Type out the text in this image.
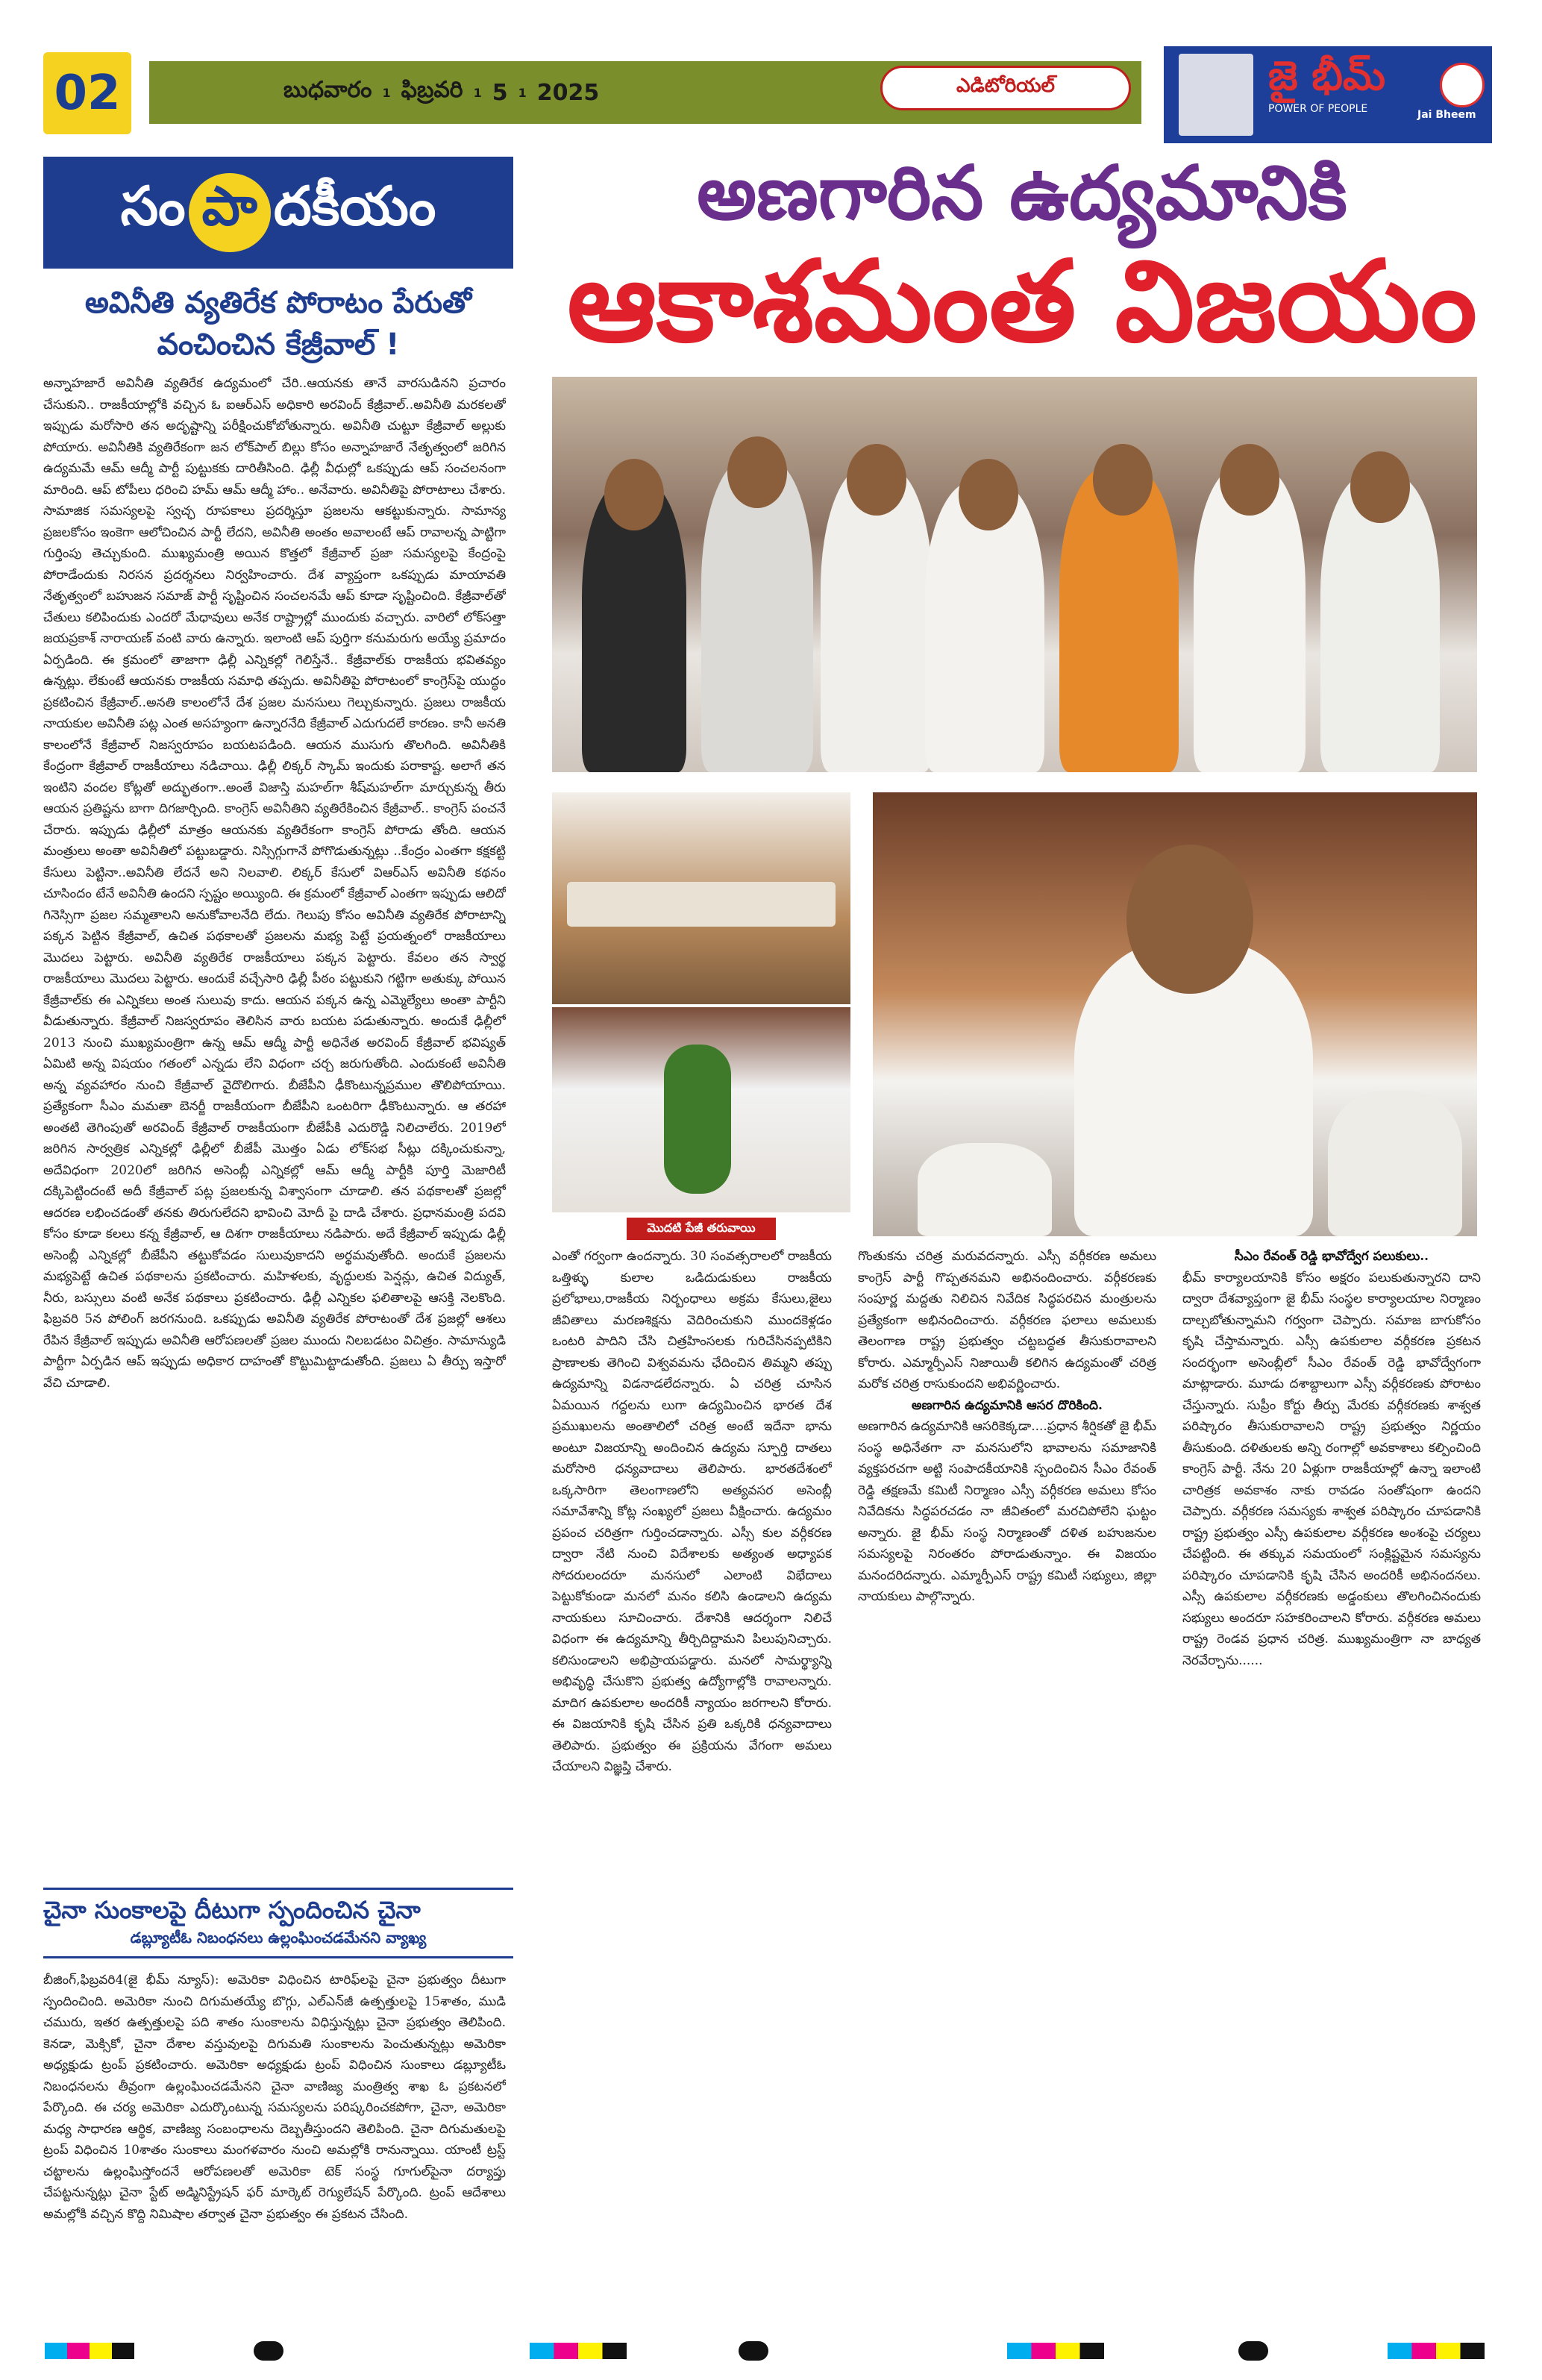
02	బుధవారం 1 ఫిబ్రవరి 1 5 1 2025	ఎడిటోరియల్	జై భీమ్
POWER OF PEOPLE	Jai Bheem
సం పా దకీయం
అవినీతి వ్యతిరేక పోరాటం పేరుతో వంచించిన కేజ్రీవాల్ !
అన్నాహజారే అవినీతి వ్యతిరేక ఉద్యమంలో చేరి..ఆయనకు తానే వారసుడినని ప్రచారం చేసుకుని.. రాజకీయాల్లోకి వచ్చిన ఓ ఐఆర్ఎస్ అధికారి అరవింద్ కేజ్రీవాల్..అవినీతి మరకలతో ఇప్పుడు మరోసారి తన అదృష్టాన్ని పరీక్షించుకోబోతున్నారు. అవినీతి చుట్టూ కేజ్రీవాల్ అల్లుకు పోయారు. అవినీతికి వ్యతిరేకంగా జన లోక్‌పాల్ బిల్లు కోసం అన్నాహజారే నేతృత్వంలో జరిగిన ఉద్యమమే ఆమ్ ఆద్మీ పార్టీ పుట్టుకకు దారితీసింది. ఢిల్లీ వీధుల్లో ఒకప్పుడు ఆప్ సంచలనంగా మారింది. ఆప్ టోపీలు ధరించి హమ్ ఆమ్ ఆద్మీ హాం.. అనేవారు. అవినీతిపై పోరాటాలు చేశారు. సామాజిక సమస్యలపై స్వచ్ఛ రూపకాలు ప్రదర్శిస్తూ ప్రజలను ఆకట్టుకున్నారు. సామాన్య ప్రజలకోసం ఇంకెగా ఆలోచించిన పార్టీ లేదని, అవినీతి అంతం అవాలంటే ఆప్ రావాలన్న పాట్టిగా గుర్తింపు తెచ్చుకుంది. ముఖ్యమంత్రి అయిన కొత్తలో కేజ్రీవాల్ ప్రజా సమస్యలపై కేంద్రంపై పోరాడేందుకు నిరసన ప్రదర్శనలు నిర్వహించారు. దేశ వ్యాప్తంగా ఒకప్పుడు మాయావతి నేతృత్వంలో బహుజన సమాజ్ పార్టీ సృష్టించిన సంచలనమే ఆప్ కూడా సృష్టించింది. కేజ్రీవాల్‌తో చేతులు కలిపిందుకు ఎందరో మేధావులు అనేక రాష్ట్రాల్లో ముందుకు వచ్చారు. వారిలో లోక్‌సత్తా జయప్రకాశ్ నారాయణ్ వంటి వారు ఉన్నారు. ఇలాంటి ఆప్ పుర్తిగా కనుమరుగు అయ్యే ప్రమాదం ఏర్పడింది. ఈ క్రమంలో తాజాగా ఢిల్లీ ఎన్నికల్లో గెలిస్తేనే.. కేజ్రీవాల్‌కు రాజకీయ భవితవ్యం ఉన్నట్లు. లేకుంటే ఆయనకు రాజకీయ సమాధి తప్పదు. అవినీతిపై పోరాటంలో కాంగ్రెస్‌పై యుద్ధం ప్రకటించిన కేజ్రీవాల్..అనతి కాలంలోనే దేశ ప్రజల మనసులు గెల్చుకున్నారు. ప్రజలు రాజకీయ నాయకుల అవినీతి పట్ల ఎంత అసహ్యంగా ఉన్నారనేది కేజ్రీవాల్ ఎదుగుదలే కారణం. కానీ అనతి కాలంలోనే కేజ్రీవాల్ నిజస్వరూపం బయటపడింది. ఆయన ముసుగు తొలగింది. అవినీతికి కేంద్రంగా కేజ్రీవాల్ రాజకీయాలు నడిచాయి. ఢిల్లీ లిక్కర్ స్కామ్ ఇందుకు పరాకాష్ట. అలాగే తన ఇంటిని వందల కోట్లతో అద్భుతంగా..అంతే విజాస్తి మహల్‌గా శీష్‌మహల్‌గా మార్చుకున్న తీరు ఆయన ప్రతిష్టను బాగా దిగజార్చింది. కాంగ్రెస్ అవినీతిని వ్యతిరేకించిన కేజ్రీవాల్.. కాంగ్రెస్ పంచనే చేరారు. ఇప్పుడు ఢిల్లీలో మాత్రం ఆయనకు వ్యతిరేకంగా కాంగ్రెస్ పోరాడు తోంది. ఆయన మంత్రులు అంతా అవినీతిలో పట్టుబడ్డారు. నిస్సిగ్గుగానే పోగొడుతున్నట్లు ..కేంద్రం ఎంతగా కక్షకట్టి కేసులు పెట్టినా..అవినీతి లేదనే అని నిలవాలి. లిక్కర్ కేసులో విఆర్ఎస్ అవినీతి కథనం చూసిందం టేనే అవినీతి ఉందని స్పష్టం అయ్యింది. ఈ క్రమంలో కేజ్రీవాల్ ఎంతగా ఇప్పుడు ఆలిదో గినెస్సిగా ప్రజల సమ్మతాలని అనుకోవాలనేది లేదు. గెలుపు కోసం అవినీతి వ్యతిరేక పోరాటాన్ని పక్కన పెట్టిన కేజ్రీవాల్, ఉచిత పథకాలతో ప్రజలను మభ్య పెట్టే ప్రయత్నంలో రాజకీయాలు మొదలు పెట్టారు. అవినీతి వ్యతిరేక రాజకీయాలు పక్కన పెట్టారు. కేవలం తన స్వార్థ రాజకీయాలు మొదలు పెట్టారు. ఆందుకే వచ్చేసారి ఢిల్లీ పీఠం పట్టుకుని గట్టిగా అతుక్కు పోయిన కేజ్రీవాల్‌కు ఈ ఎన్నికలు అంత సులువు కాదు. ఆయన పక్కన ఉన్న ఎమ్మెల్యేలు అంతా పార్టీని వీడుతున్నారు. కేజ్రీవాల్ నిజస్వరూపం తెలిసిన వారు బయట పడుతున్నారు. అందుకే ఢిల్లీలో 2013 నుంచి ముఖ్యమంత్రిగా ఉన్న ఆమ్ ఆద్మీ పార్టీ అధినేత అరవింద్ కేజ్రీవాల్ భవిష్యత్ ఏమిటి అన్న విషయం గతంలో ఎన్నడు లేని విధంగా చర్చ జరుగుతోంది. ఎందుకంటే అవినీతి అన్న వ్యవహారం నుంచి కేజ్రీవాల్ వైదొలిగారు. బీజేపీని ఢీకొంటున్నప్రముల తొలిపోయాయి. ప్రత్యేకంగా సీఎం మమతా బెనర్జీ రాజకీయంగా బీజేపీని ఒంటరిగా ఢీకొంటున్నారు. ఆ తరహా అంతటి తెగింపుతో అరవింద్ కేజ్రీవాల్ రాజకీయంగా బీజేపీకి ఎదురొడ్డి నిలిచాలేరు. 2019లో జరిగిన సార్వత్రిక ఎన్నికల్లో ఢిల్లీలో బీజేపీ మొత్తం ఏడు లోక్‌సభ సీట్లు దక్కించుకున్నా, అదేవిధంగా 2020లో జరిగిన అసెంబ్లీ ఎన్నికల్లో ఆమ్ ఆద్మీ పార్టీకి పూర్తి మెజారిటీ దక్కిపెట్టిందంటే అదీ కేజ్రీవాల్ పట్ల ప్రజలకున్న విశ్వాసంగా చూడాలి. తన పథకాలతో ప్రజల్లో ఆదరణ లభించడంతో తనకు తిరుగులేదని భావించి మోదీ పై దాడి చేశారు. ప్రధానమంత్రి పదవి కోసం కూడా కలలు కన్న కేజ్రీవాల్, ఆ దిశగా రాజకీయాలు నడిపారు. అదే కేజ్రీవాల్ ఇప్పుడు ఢిల్లీ అసెంబ్లీ ఎన్నికల్లో బీజేపీని తట్టుకోవడం సులువుకాదని అర్థమవుతోంది. అందుకే ప్రజలను మభ్యపెట్టే ఉచిత పథకాలను ప్రకటించారు. మహిళలకు, వృద్ధులకు పెన్షన్లు, ఉచిత విద్యుత్, నీరు, బస్సులు వంటి అనేక పథకాలు ప్రకటించారు. ఢిల్లీ ఎన్నికల ఫలితాలపై ఆసక్తి నెలకొంది. ఫిబ్రవరి 5న పోలింగ్ జరగనుంది. ఒకప్పుడు అవినీతి వ్యతిరేక పోరాటంతో దేశ ప్రజల్లో ఆశలు రేపిన కేజ్రీవాల్ ఇప్పుడు అవినీతి ఆరోపణలతో ప్రజల ముందు నిలబడటం విచిత్రం. సామాన్యుడి పార్టీగా ఏర్పడిన ఆప్ ఇప్పుడు అధికార దాహంతో కొట్టుమిట్టాడుతోంది. ప్రజలు ఏ తీర్పు ఇస్తారో వేచి చూడాలి.
చైనా సుంకాలపై దీటుగా స్పందించిన చైనా
డబ్ల్యూటీఓ నిబంధనలు ఉల్లంఘించడమేనని వ్యాఖ్య
బీజింగ్,ఫిబ్రవరి4(జై భీమ్ న్యూస్): అమెరికా విధించిన టారిఫ్‌లపై చైనా ప్రభుత్వం దీటుగా స్పందించింది. అమెరికా నుంచి దిగుమతయ్యే బొగ్గు, ఎల్ఎన్‌జీ ఉత్పత్తులపై 15శాతం, ముడి చమురు, ఇతర ఉత్పత్తులపై పది శాతం సుంకాలను విధిస్తున్నట్లు చైనా ప్రభుత్వం తెలిపింది. కెనడా, మెక్సికో, చైనా దేశాల వస్తువులపై దిగుమతి సుంకాలను పెంచుతున్నట్లు అమెరికా అధ్యక్షుడు ట్రంప్ ప్రకటించారు. అమెరికా అధ్యక్షుడు ట్రంప్ విధించిన సుంకాలు డబ్ల్యూటీఓ నిబంధనలను తీవ్రంగా ఉల్లంఘించడమేనని చైనా వాణిజ్య మంత్రిత్వ శాఖ ఓ ప్రకటనలో పేర్కొంది. ఈ చర్య అమెరికా ఎదుర్కొంటున్న సమస్యలను పరిష్కరించకపోగా, చైనా, అమెరికా మధ్య సాధారణ ఆర్థిక, వాణిజ్య సంబంధాలను దెబ్బతీస్తుందని తెలిపింది. చైనా దిగుమతులపై ట్రంప్ విధించిన 10శాతం సుంకాలు మంగళవారం నుంచి అమల్లోకి రానున్నాయి. యాంటీ ట్రస్ట్ చట్టాలను ఉల్లంఘిస్తోందనే ఆరోపణలతో అమెరికా టెక్ సంస్థ గూగుల్‌పైనా దర్యాప్తు చేపట్టనున్నట్లు చైనా స్టేట్ అడ్మినిస్ట్రేషన్ ఫర్ మార్కెట్ రెగ్యులేషన్ పేర్కొంది. ట్రంప్ ఆదేశాలు అమల్లోకి వచ్చిన కొద్ది నిమిషాల తర్వాత చైనా ప్రభుత్వం ఈ ప్రకటన చేసింది.
అణగారిన ఉద్యమానికి
ఆకాశమంత విజయం
మొదటి పేజీ తరువాయి
ఎంతో గర్వంగా ఉందన్నారు. 30 సంవత్సరాలలో రాజకీయ ఒత్తిళ్ళు కులాల ఒడిదుడుకులు రాజకీయ ప్రలోభాలు,రాజకీయ నిర్బంధాలు అక్రమ కేసులు,జైలు జీవితాలు మరణశిక్షను వెదిరించుకుని ముందకెళ్లడం ఒంటరి పాదిని చేసి చిత్రహింసలకు గురిచేసినప్పటికిని ప్రాణాలకు తెగించి విశ్వవమను ఛేదించిన తిమ్మని తప్పు ఉద్యమాన్ని విడనాడలేదన్నారు. ఏ చరిత్ర చూసిన ఏమయిన గద్దలను లుగా ఉద్యమించిన భారత దేశ ప్రముఖులను అంతాలిలో చరిత్ర అంటే ఇదేనా భాను అంటూ విజయాన్ని అందించిన ఉద్యమ స్ఫూర్తి దాతలు మరోసారి ధన్యవాదాలు తెలిపారు. భారతదేశంలో ఒక్కసారిగా తెలంగాణలోని అత్యవసర అసెంబ్లీ సమావేశాన్ని కోట్ల సంఖ్యలో ప్రజలు వీక్షించారు. ఉద్యమం ప్రపంచ చరిత్రగా గుర్తించడాన్నారు. ఎస్సీ కుల వర్గీకరణ ద్వారా నేటి నుంచి విదేశాలకు అత్యంత అధ్యాపక సోదరులందరూ మనసులో ఎలాంటి విభేదాలు పెట్టుకోకుండా మనలో మనం కలిసి ఉండాలని ఉద్యమ నాయకులు సూచించారు. దేశానికి ఆదర్శంగా నిలిచే విధంగా ఈ ఉద్యమాన్ని తీర్చిదిద్దామని పిలుపునిచ్చారు. కలిసుండాలని అభిప్రాయపడ్డారు. మనలో సామర్థ్యాన్ని అభివృద్ధి చేసుకొని ప్రభుత్వ ఉద్యోగాల్లోకి రావాలన్నారు. మాదిగ ఉపకులాల అందరికీ న్యాయం జరగాలని కోరారు. ఈ విజయానికి కృషి చేసిన ప్రతి ఒక్కరికి ధన్యవాదాలు తెలిపారు. ప్రభుత్వం ఈ ప్రక్రియను వేగంగా అమలు చేయాలని విజ్ఞప్తి చేశారు.
గొంతుకను చరిత్ర మరువదన్నారు. ఎస్సీ వర్గీకరణ అమలు కాంగ్రెస్ పార్టీ గొప్పతనమని అభినందించారు. వర్గీకరణకు సంపూర్ణ మద్దతు నిలిచిన నివేదిక సిద్ధపరచిన మంత్రులను ప్రత్యేకంగా అభినందించారు. వర్గీకరణ ఫలాలు అమలుకు తెలంగాణ రాష్ట్ర ప్రభుత్వం చట్టబద్ధత తీసుకురావాలని కోరారు. ఎమ్మార్పీఎస్ నిజాయితీ కలిగిన ఉద్యమంతో చరిత్ర మరోక చరిత్ర రాసుకుందని అభివర్ణించారు.
అణగారిన ఉద్యమానికి ఆసర దొరికింది.
అణగారిన ఉద్యమానికి ఆసరికెక్కడా....ప్రధాన శీర్షికతో జై భీమ్ సంస్థ అధినేతగా నా మనసులోని భావాలను సమాజానికి వ్యక్తపరచగా అట్టి సంపాదకీయానికి స్పందించిన సీఎం రేవంత్ రెడ్డి తక్షణమే కమిటీ నిర్మాణం ఎస్సీ వర్గీకరణ అమలు కోసం నివేదికను సిద్ధపరచడం నా జీవితంలో మరచిపోలేని ఘట్టం అన్నారు. జై భీమ్ సంస్థ నిర్మాణంతో దళిత బహుజనుల సమస్యలపై నిరంతరం పోరాడుతున్నాం. ఈ విజయం మనందరిదన్నారు. ఎమ్మార్పీఎస్ రాష్ట్ర కమిటీ సభ్యులు, జిల్లా నాయకులు పాల్గొన్నారు.
సీఎం రేవంత్ రెడ్డి భావోద్వేగ పలుకులు..
భీమ్ కార్యాలయానికి కోసం అక్షరం పలుకుతున్నారని దాని ద్వారా దేశవ్యాప్తంగా జై భీమ్ సంస్థల కార్యాలయాల నిర్మాణం దాల్చబోతున్నామని గర్వంగా చెప్పారు. సమాజ బాగుకోసం కృషి చేస్తామన్నారు. ఎస్సీ ఉపకులాల వర్గీకరణ ప్రకటన సందర్భంగా అసెంబ్లీలో సీఎం రేవంత్ రెడ్డి భావోద్వేగంగా మాట్లాడారు. మూడు దశాబ్దాలుగా ఎస్సీ వర్గీకరణకు పోరాటం చేస్తున్నారు. సుప్రీం కోర్టు తీర్పు మేరకు వర్గీకరణకు శాశ్వత పరిష్కారం తీసుకురావాలని రాష్ట్ర ప్రభుత్వం నిర్ణయం తీసుకుంది. దళితులకు అన్ని రంగాల్లో అవకాశాలు కల్పించింది కాంగ్రెస్ పార్టీ. నేను 20 ఏళ్లుగా రాజకీయాల్లో ఉన్నా ఇలాంటి చారిత్రక అవకాశం నాకు రావడం సంతోషంగా ఉందని చెప్పారు. వర్గీకరణ సమస్యకు శాశ్వత పరిష్కారం చూపడానికి రాష్ట్ర ప్రభుత్వం ఎస్సీ ఉపకులాల వర్గీకరణ అంశంపై చర్యలు చేపట్టింది. ఈ తక్కువ సమయంలో సంక్లిష్టమైన సమస్యను పరిష్కారం చూపడానికి కృషి చేసిన అందరికీ అభినందనలు. ఎస్సీ ఉపకులాల వర్గీకరణకు అడ్డంకులు తొలగించినందుకు సభ్యులు అందరూ సహకరించాలని కోరారు. వర్గీకరణ అమలు రాష్ట్ర రెండవ ప్రధాన చరిత్ర. ముఖ్యమంత్రిగా నా బాధ్యత నెరవేర్చాను......
